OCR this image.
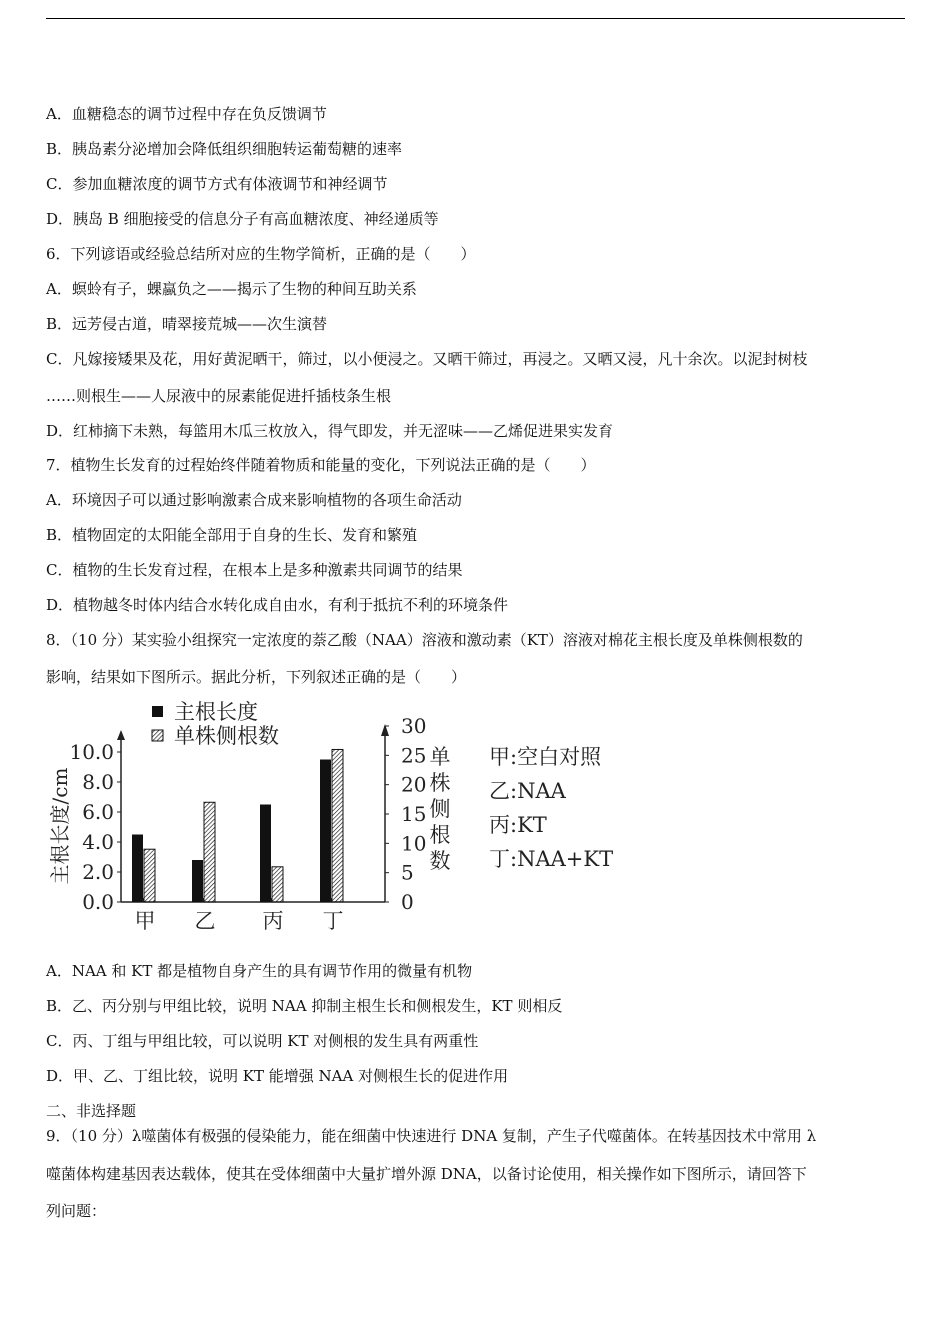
A．血糖稳态的调节过程中存在负反馈调节
B．胰岛素分泌增加会降低组织细胞转运葡萄糖的速率
C．参加血糖浓度的调节方式有体液调节和神经调节
D．胰岛 B 细胞接受的信息分子有高血糖浓度、神经递质等
6．下列谚语或经验总结所对应的生物学简析，正确的是（　　）
A．螟蛉有子，蜾蠃负之——揭示了生物的种间互助关系
B．远芳侵古道，晴翠接荒城——次生演替
C．凡嫁接矮果及花，用好黄泥晒干，筛过，以小便浸之。又晒干筛过，再浸之。又晒又浸，凡十余次。以泥封树枝
……则根生——人尿液中的尿素能促进扦插枝条生根
D．红柿摘下未熟，每篮用木瓜三枚放入，得气即发，并无涩味——乙烯促进果实发育
7．植物生长发育的过程始终伴随着物质和能量的变化，下列说法正确的是（　　）
A．环境因子可以通过影响激素合成来影响植物的各项生命活动
B．植物固定的太阳能全部用于自身的生长、发育和繁殖
C．植物的生长发育过程，在根本上是多种激素共同调节的结果
D．植物越冬时体内结合水转化成自由水，有利于抵抗不利的环境条件
8．（10 分）某实验小组探究一定浓度的萘乙酸（NAA）溶液和激动素（KT）溶液对棉花主根长度及单株侧根数的
影响，结果如下图所示。据此分析，下列叙述正确的是（　　）
0.0
2.0
4.0
6.0
8.0
10.0
0
5
10
15
20
25
30
主根长度/cm
单
株
侧
根
数
甲 乙 丙 丁
主根长度
单株侧根数
甲:空白对照
乙:NAA
丙:KT
丁:NAA+KT
A．NAA 和 KT 都是植物自身产生的具有调节作用的微量有机物
B．乙、丙分别与甲组比较，说明 NAA 抑制主根生长和侧根发生，KT 则相反
C．丙、丁组与甲组比较，可以说明 KT 对侧根的发生具有两重性
D．甲、乙、丁组比较，说明 KT 能增强 NAA 对侧根生长的促进作用
二、非选择题
9．（10 分）λ噬菌体有极强的侵染能力，能在细菌中快速进行 DNA 复制，产生子代噬菌体。在转基因技术中常用 λ
噬菌体构建基因表达载体，使其在受体细菌中大量扩增外源 DNA，以备讨论使用，相关操作如下图所示，请回答下
列问题：
